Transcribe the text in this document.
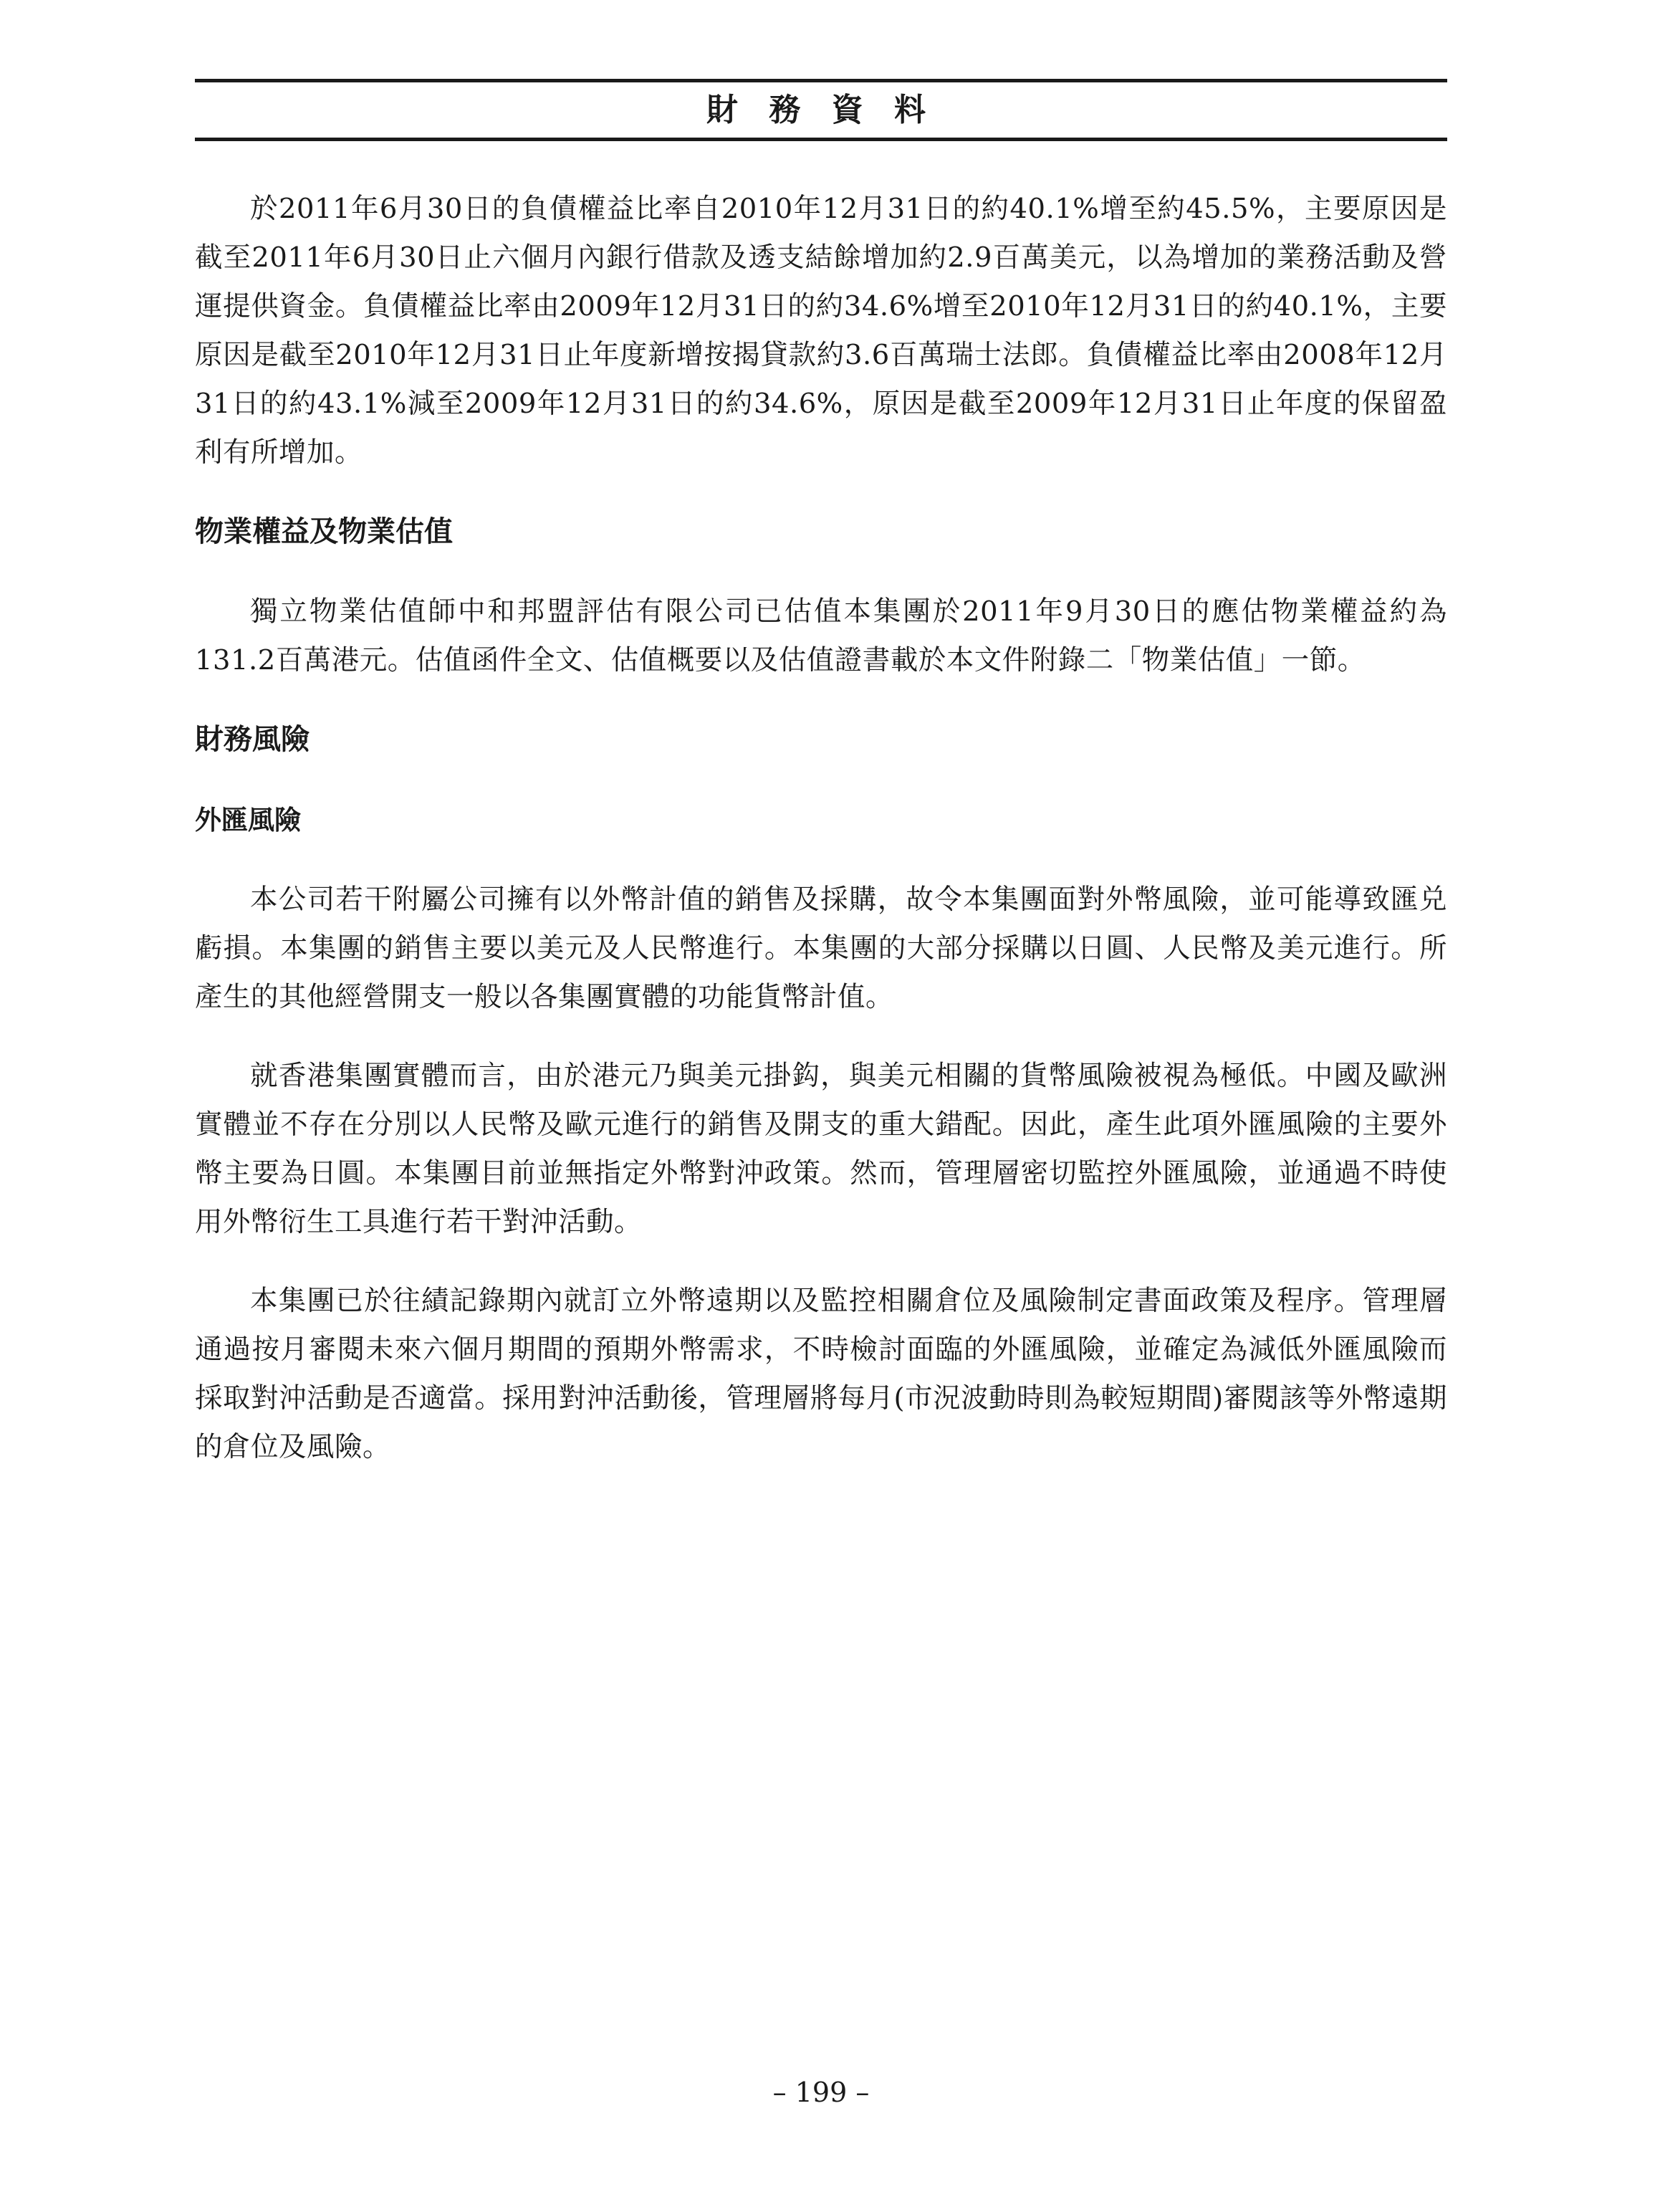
財 務 資 料

於2011年6月30日的負債權益比率自2010年12月31日的約40.1%增至約45.5%，主要原因是截至2011年6月30日止六個月內銀行借款及透支結餘增加約2.9百萬美元，以為增加的業務活動及營運提供資金。負債權益比率由2009年12月31日的約34.6%增至2010年12月31日的約40.1%，主要原因是截至2010年12月31日止年度新增按揭貸款約3.6百萬瑞士法郎。負債權益比率由2008年12月31日的約43.1%減至2009年12月31日的約34.6%，原因是截至2009年12月31日止年度的保留盈利有所增加。

物業權益及物業估值

獨立物業估值師中和邦盟評估有限公司已估值本集團於2011年9月30日的應估物業權益約為131.2百萬港元。估值函件全文、估值概要以及估值證書載於本文件附錄二「物業估值」一節。

財務風險
外匯風險

本公司若干附屬公司擁有以外幣計值的銷售及採購，故令本集團面對外幣風險，並可能導致匯兑虧損。本集團的銷售主要以美元及人民幣進行。本集團的大部分採購以日圓、人民幣及美元進行。所產生的其他經營開支一般以各集團實體的功能貨幣計值。

就香港集團實體而言，由於港元乃與美元掛鈎，與美元相關的貨幣風險被視為極低。中國及歐洲實體並不存在分別以人民幣及歐元進行的銷售及開支的重大錯配。因此，產生此項外匯風險的主要外幣主要為日圓。本集團目前並無指定外幣對沖政策。然而，管理層密切監控外匯風險，並通過不時使用外幣衍生工具進行若干對沖活動。

本集團已於往績記錄期內就訂立外幣遠期以及監控相關倉位及風險制定書面政策及程序。管理層通過按月審閱未來六個月期間的預期外幣需求，不時檢討面臨的外匯風險，並確定為減低外匯風險而採取對沖活動是否適當。採用對沖活動後，管理層將每月(市況波動時則為較短期間)審閱該等外幣遠期的倉位及風險。

– 199 –
